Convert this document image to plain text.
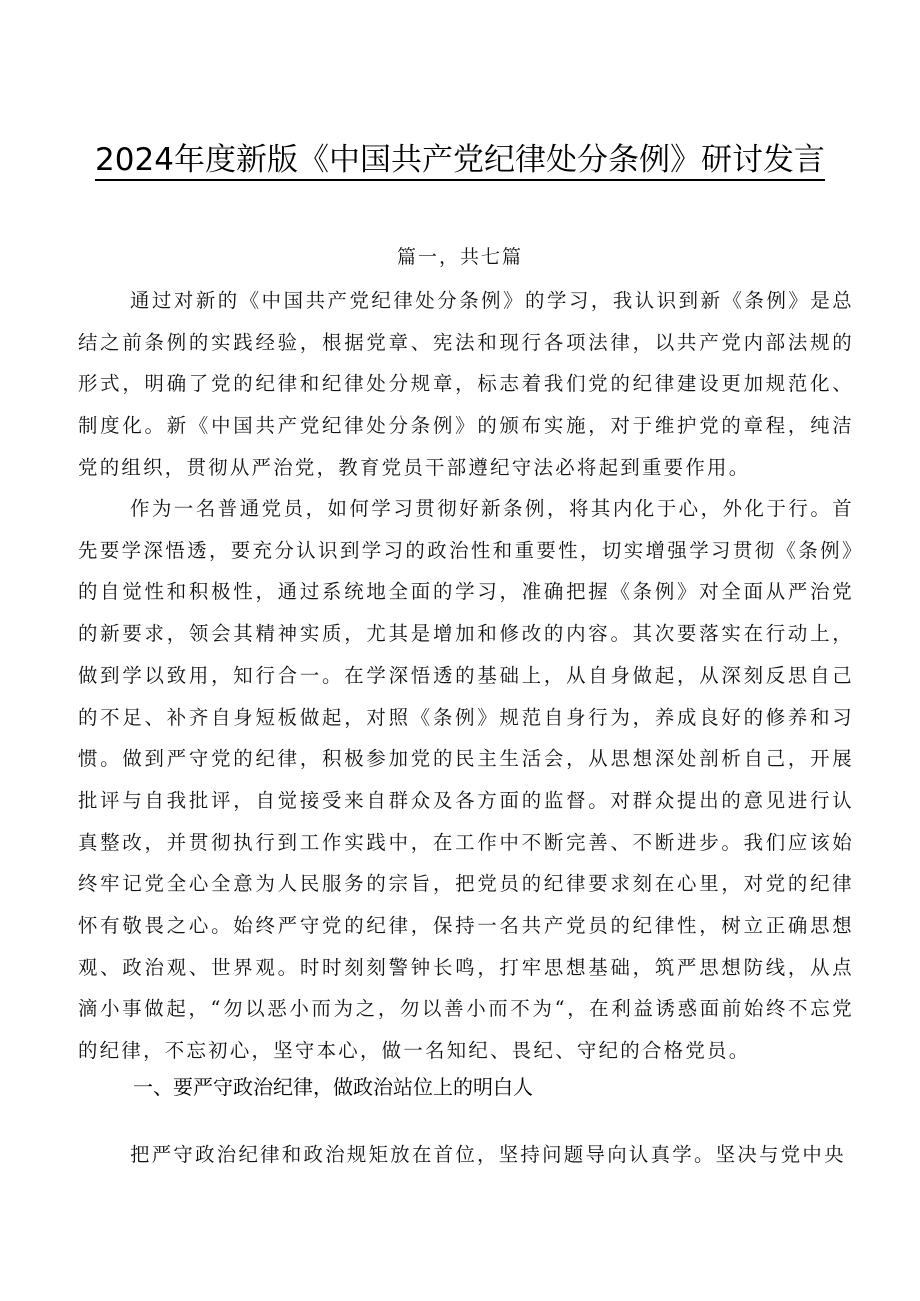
2024年度新版《中国共产党纪律处分条例》研讨发言
篇一，共七篇

通过对新的《中国共产党纪律处分条例》的学习，我认识到新《条例》是总结之前条例的实践经验，根据党章、宪法和现行各项法律，以共产党内部法规的形式，明确了党的纪律和纪律处分规章，标志着我们党的纪律建设更加规范化、制度化。新《中国共产党纪律处分条例》的颁布实施，对于维护党的章程，纯洁党的组织，贯彻从严治党，教育党员干部遵纪守法必将起到重要作用。

作为一名普通党员，如何学习贯彻好新条例，将其内化于心，外化于行。首先要学深悟透，要充分认识到学习的政治性和重要性，切实增强学习贯彻《条例》的自觉性和积极性，通过系统地全面的学习，准确把握《条例》对全面从严治党的新要求，领会其精神实质，尤其是增加和修改的内容。其次要落实在行动上，做到学以致用，知行合一。在学深悟透的基础上，从自身做起，从深刻反思自己的不足、补齐自身短板做起，对照《条例》规范自身行为，养成良好的修养和习惯。做到严守党的纪律，积极参加党的民主生活会，从思想深处剖析自己，开展批评与自我批评，自觉接受来自群众及各方面的监督。对群众提出的意见进行认真整改，并贯彻执行到工作实践中，在工作中不断完善、不断进步。我们应该始终牢记党全心全意为人民服务的宗旨，把党员的纪律要求刻在心里，对党的纪律怀有敬畏之心。始终严守党的纪律，保持一名共产党员的纪律性，树立正确思想观、政治观、世界观。时时刻刻警钟长鸣，打牢思想基础，筑严思想防线，从点滴小事做起，“勿以恶小而为之，勿以善小而不为“，在利益诱惑面前始终不忘党的纪律，不忘初心，坚守本心，做一名知纪、畏纪、守纪的合格党员。

一、要严守政治纪律，做政治站位上的明白人

把严守政治纪律和政治规矩放在首位，坚持问题导向认真学。坚决与党中央
